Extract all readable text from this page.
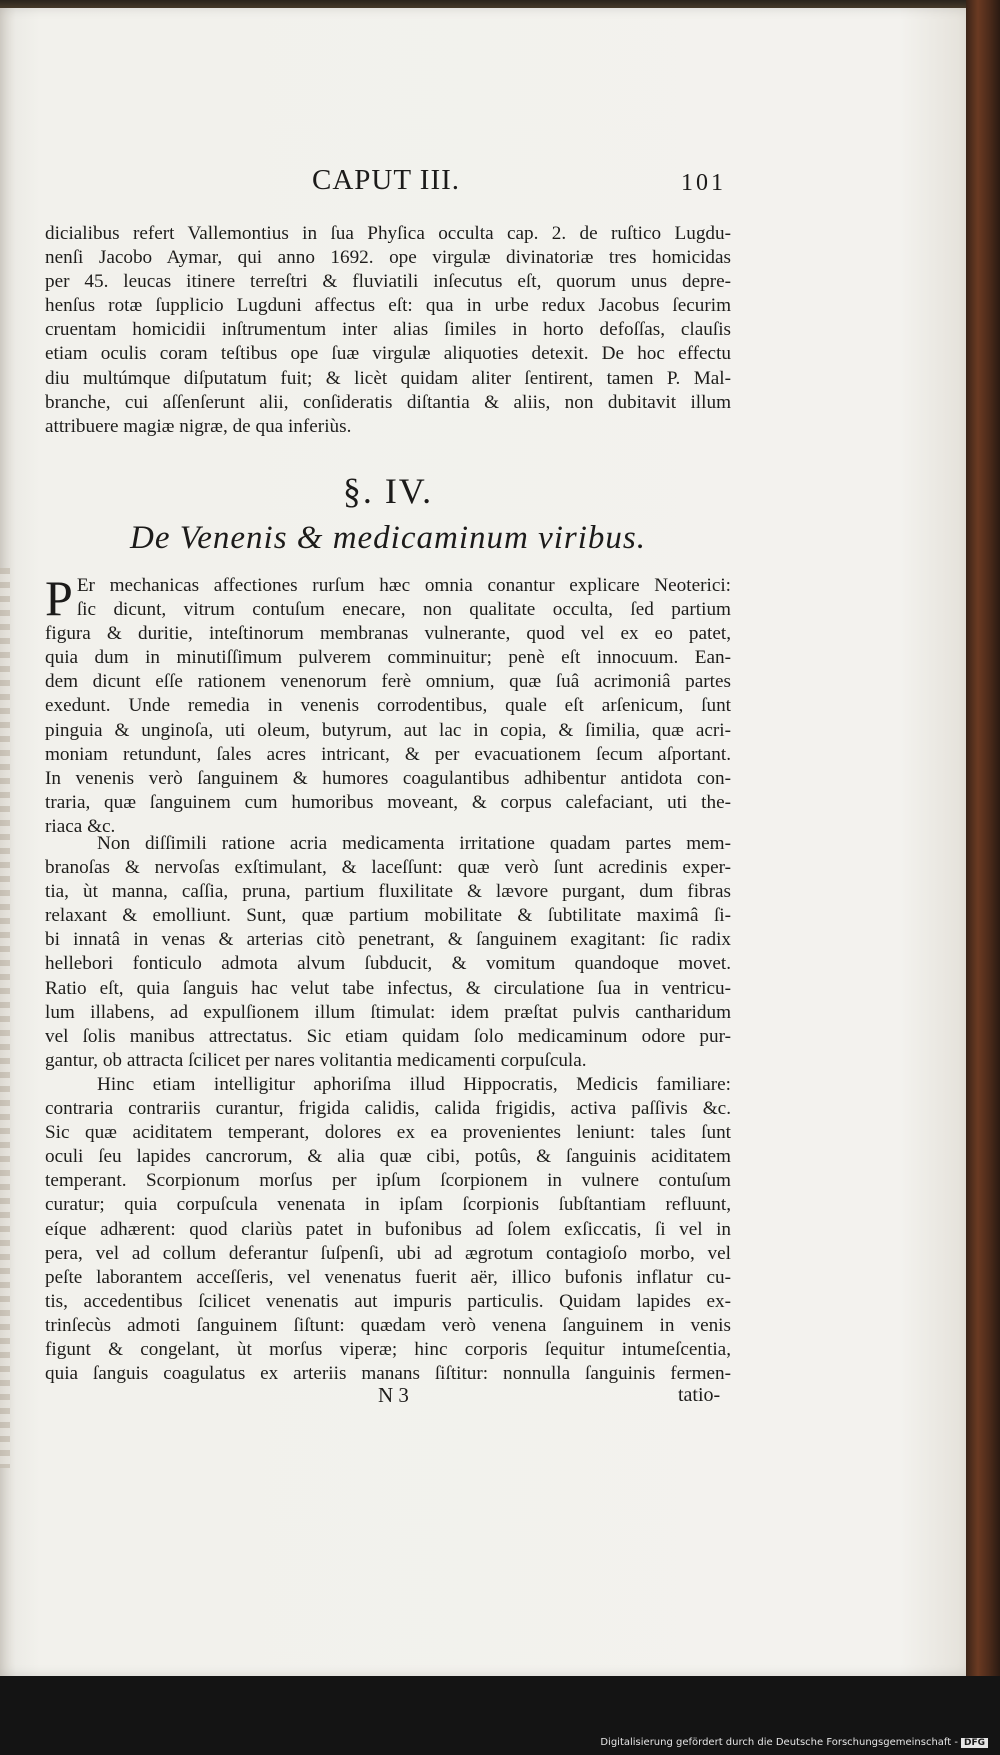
CAPUT III.	101
dicialibus refert Vallemontius in ſua Phyſica occulta cap. 2. de ruſtico Lugdu-
nenſi Jacobo Aymar, qui anno 1692. ope virgulæ divinatoriæ tres homicidas
per 45. leucas itinere terreſtri & fluviatili inſecutus eſt, quorum unus depre-
henſus rotæ ſupplicio Lugduni affectus eſt: qua in urbe redux Jacobus ſecurim
cruentam homicidii inſtrumentum inter alias ſimiles in horto defoſſas, clauſis
etiam oculis coram teſtibus ope ſuæ virgulæ aliquoties detexit. De hoc effectu
diu multúmque diſputatum fuit; & licèt quidam aliter ſentirent, tamen P. Mal-
branche, cui aſſenſerunt alii, conſideratis diſtantia & aliis, non dubitavit illum
attribuere magiæ nigræ, de qua inferiùs.
§. IV.
De Venenis & medicaminum viribus.
P Er mechanicas affectiones rurſum hæc omnia conantur explicare Neoterici:
ſic dicunt, vitrum contuſum enecare, non qualitate occulta, ſed partium
figura & duritie, inteſtinorum membranas vulnerante, quod vel ex eo patet,
quia dum in minutiſſimum pulverem comminuitur; penè eſt innocuum. Ean-
dem dicunt eſſe rationem venenorum ferè omnium, quæ ſuâ acrimoniâ partes
exedunt. Unde remedia in venenis corrodentibus, quale eſt arſenicum, ſunt
pinguia & unginoſa, uti oleum, butyrum, aut lac in copia, & ſimilia, quæ acri-
moniam retundunt, ſales acres intricant, & per evacuationem ſecum aſportant.
In venenis verò ſanguinem & humores coagulantibus adhibentur antidota con-
traria, quæ ſanguinem cum humoribus moveant, & corpus calefaciant, uti the-
riaca &c.
Non diſſimili ratione acria medicamenta irritatione quadam partes mem-
branoſas & nervoſas exſtimulant, & laceſſunt: quæ verò ſunt acredinis exper-
tia, ùt manna, caſſia, pruna, partium fluxilitate & lævore purgant, dum fibras
relaxant & emolliunt. Sunt, quæ partium mobilitate & ſubtilitate maximâ ſi-
bi innatâ in venas & arterias citò penetrant, & ſanguinem exagitant: ſic radix
hellebori fonticulo admota alvum ſubducit, & vomitum quandoque movet.
Ratio eſt, quia ſanguis hac velut tabe infectus, & circulatione ſua in ventricu-
lum illabens, ad expulſionem illum ſtimulat: idem præſtat pulvis cantharidum
vel ſolis manibus attrectatus. Sic etiam quidam ſolo medicaminum odore pur-
gantur, ob attracta ſcilicet per nares volitantia medicamenti corpuſcula.
Hinc etiam intelligitur aphoriſma illud Hippocratis, Medicis familiare:
contraria contrariis curantur, frigida calidis, calida frigidis, activa paſſivis &c.
Sic quæ aciditatem temperant, dolores ex ea provenientes leniunt: tales ſunt
oculi ſeu lapides cancrorum, & alia quæ cibi, potûs, & ſanguinis aciditatem
temperant. Scorpionum morſus per ipſum ſcorpionem in vulnere contuſum
curatur; quia corpuſcula venenata in ipſam ſcorpionis ſubſtantiam refluunt,
eíque adhærent: quod clariùs patet in bufonibus ad ſolem exſiccatis, ſi vel in
pera, vel ad collum deferantur ſuſpenſi, ubi ad ægrotum contagioſo morbo, vel
peſte laborantem acceſſeris, vel venenatus fuerit aër, illico bufonis inflatur cu-
tis, accedentibus ſcilicet venenatis aut impuris particulis. Quidam lapides ex-
trinſecùs admoti ſanguinem ſiſtunt: quædam verò venena ſanguinem in venis
figunt & congelant, ùt morſus viperæ; hinc corporis ſequitur intumeſcentia,
quia ſanguis coagulatus ex arteriis manans ſiſtitur: nonnulla ſanguinis fermen-
N 3	tatio-
Digitalisierung gefördert durch die Deutsche Forschungsgemeinschaft - DFG
